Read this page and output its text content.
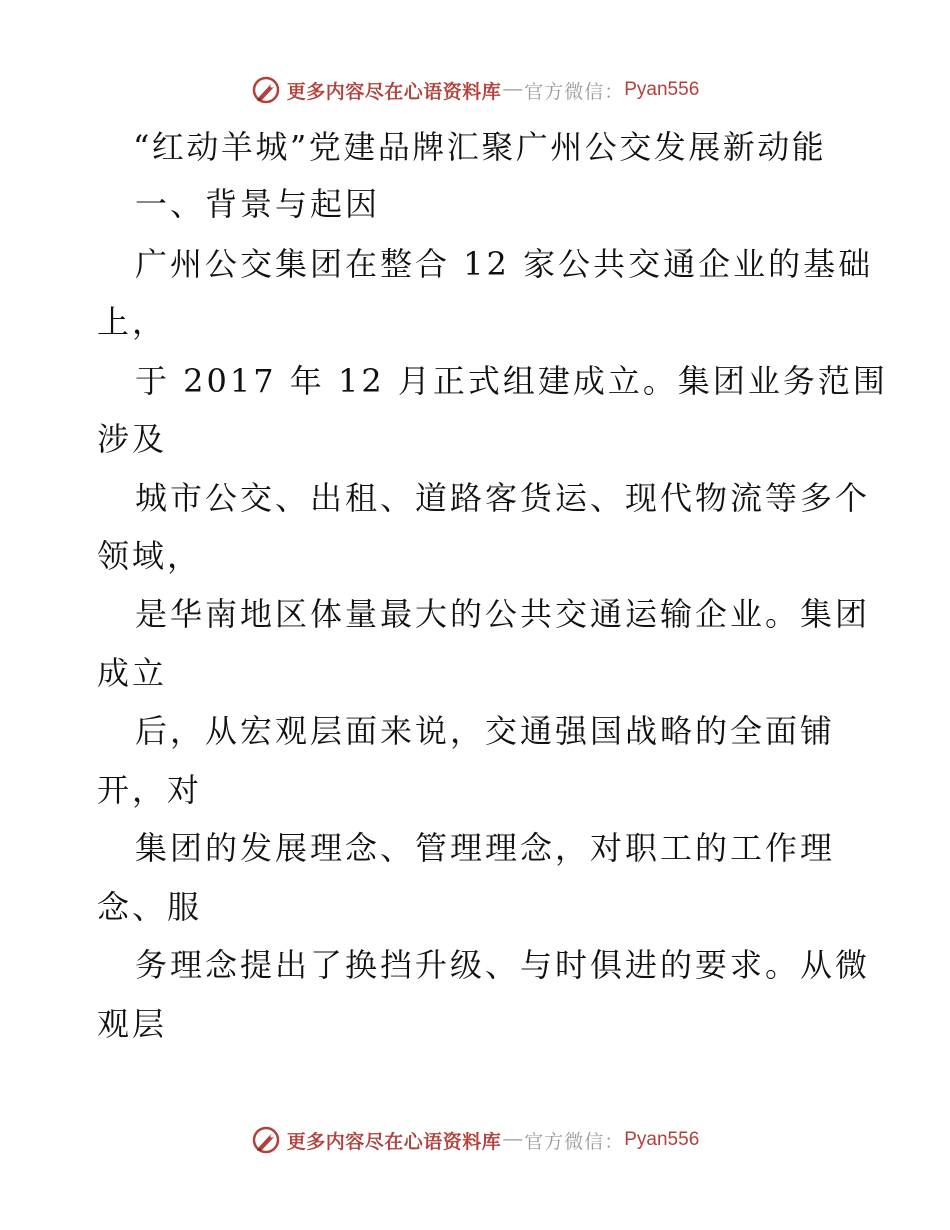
更多内容尽在心语资料库 — 官方微信： Pyan556
“红动羊城”党建品牌汇聚广州公交发展新动能
一、背景与起因
广州公交集团在整合 12 家公共交通企业的基础
上，
于 2017 年 12 月正式组建成立。集团业务范围
涉及
城市公交、出租、道路客货运、现代物流等多个
领域，
是华南地区体量最大的公共交通运输企业。集团
成立
后，从宏观层面来说，交通强国战略的全面铺
开，对
集团的发展理念、管理理念，对职工的工作理
念、服
务理念提出了换挡升级、与时俱进的要求。从微
观层
更多内容尽在心语资料库 — 官方微信： Pyan556
